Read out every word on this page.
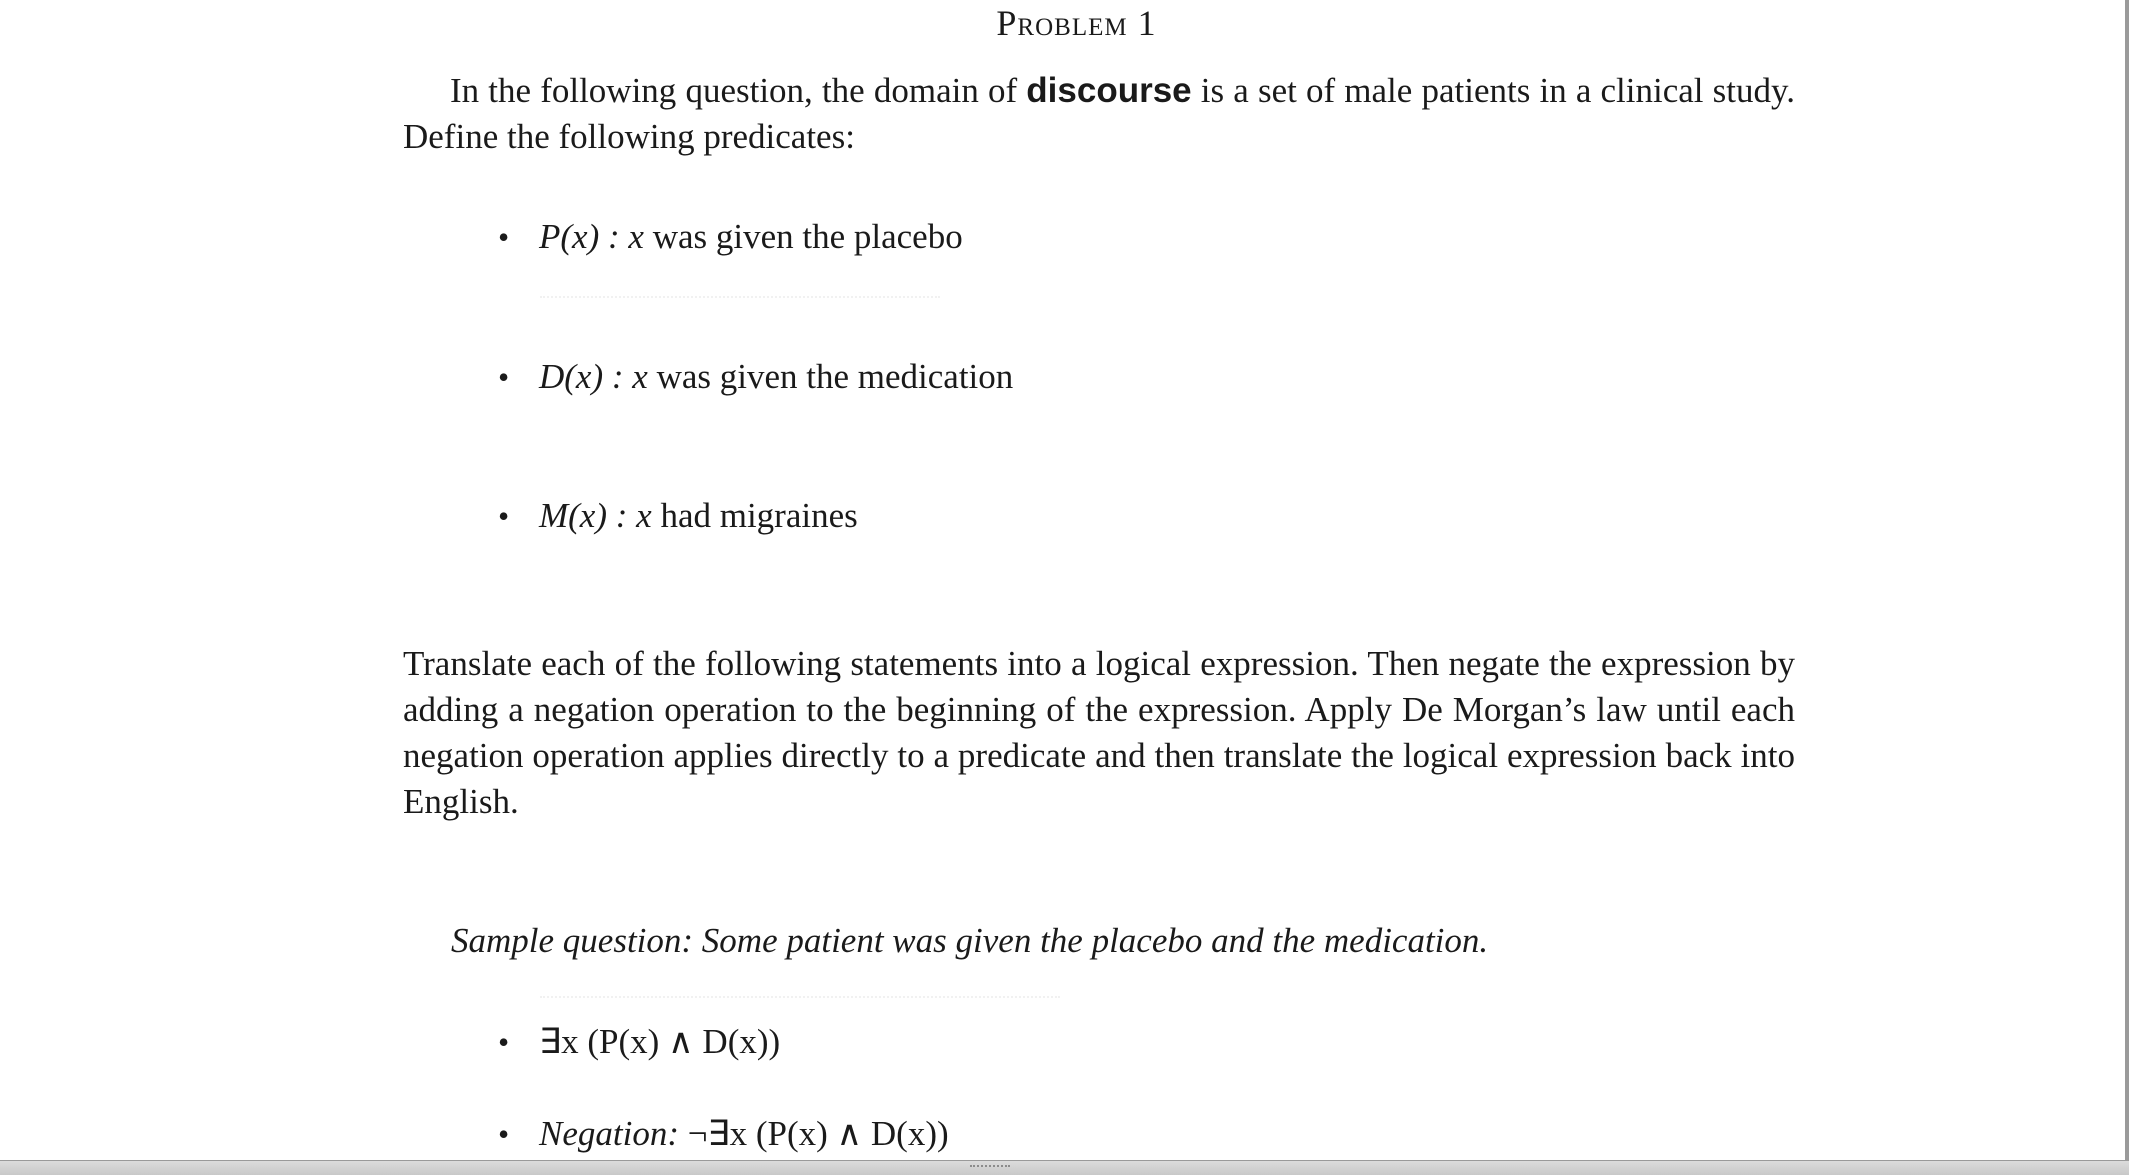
Problem 1
In the following question, the domain of discourse is a set of male patients in a clinical study. Define the following predicates:
• P(x) : x was given the placebo
• D(x) : x was given the medication
• M(x) : x had migraines
Translate each of the following statements into a logical expression. Then negate the expression by adding a negation operation to the beginning of the expression. Apply De Morgan’s law until each negation operation applies directly to a predicate and then translate the logical expression back into English.
Sample question: Some patient was given the placebo and the medication.
• ∃x (P(x) ∧ D(x))
• Negation: ¬∃x (P(x) ∧ D(x))
